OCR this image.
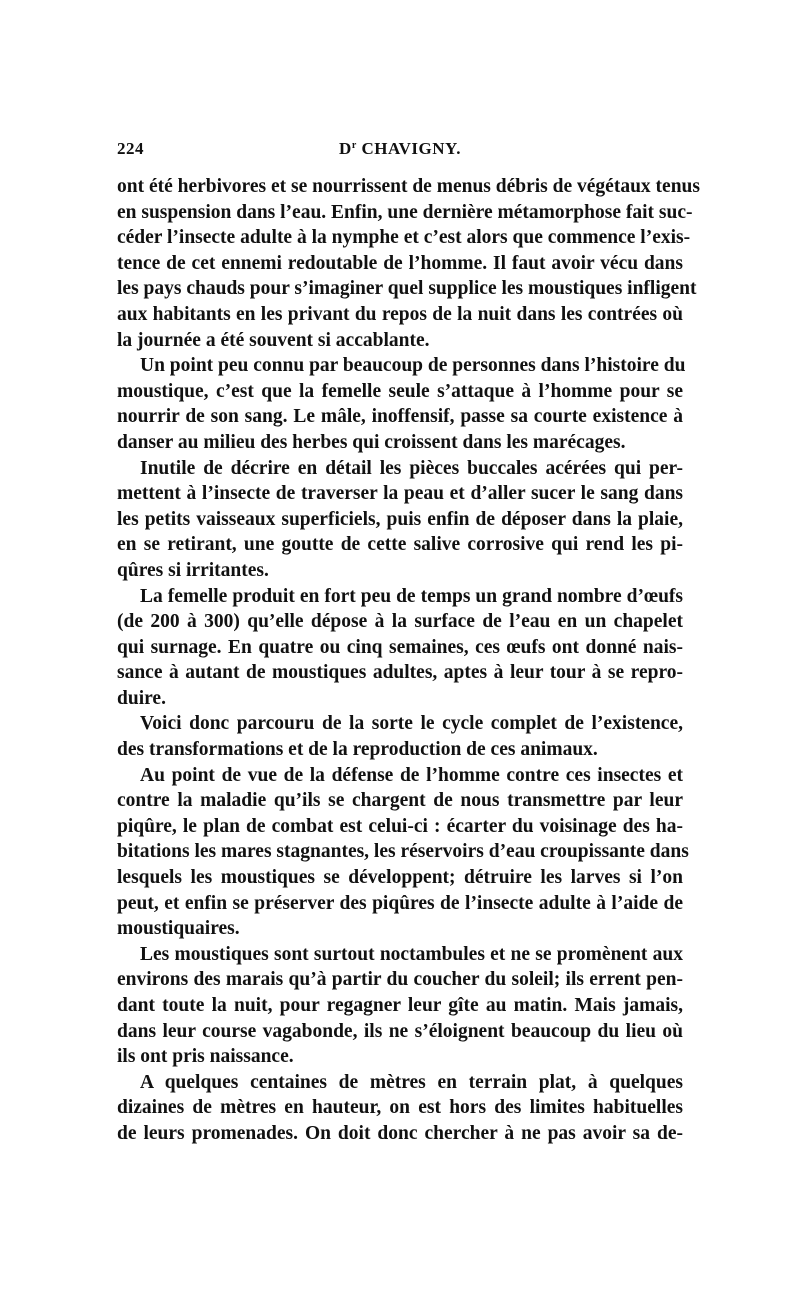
224	$D^r$ CHAVIGNY.
ont été herbivores et se nourrissent de menus débris de végétaux tenus
en suspension dans l’eau. Enfin, une dernière métamorphose fait suc-
céder l’insecte adulte à la nymphe et c’est alors que commence l’exis-
tence de cet ennemi redoutable de l’homme. Il faut avoir vécu dans
les pays chauds pour s’imaginer quel supplice les moustiques infligent
aux habitants en les privant du repos de la nuit dans les contrées où
la journée a été souvent si accablante.
Un point peu connu par beaucoup de personnes dans l’histoire du
moustique, c’est que la femelle seule s’attaque à l’homme pour se
nourrir de son sang. Le mâle, inoffensif, passe sa courte existence à
danser au milieu des herbes qui croissent dans les marécages.
Inutile de décrire en détail les pièces buccales acérées qui per-
mettent à l’insecte de traverser la peau et d’aller sucer le sang dans
les petits vaisseaux superficiels, puis enfin de déposer dans la plaie,
en se retirant, une goutte de cette salive corrosive qui rend les pi-
qûres si irritantes.
La femelle produit en fort peu de temps un grand nombre d’œufs
(de 200 à 300) qu’elle dépose à la surface de l’eau en un chapelet
qui surnage. En quatre ou cinq semaines, ces œufs ont donné nais-
sance à autant de moustiques adultes, aptes à leur tour à se repro-
duire.
Voici donc parcouru de la sorte le cycle complet de l’existence,
des transformations et de la reproduction de ces animaux.
Au point de vue de la défense de l’homme contre ces insectes et
contre la maladie qu’ils se chargent de nous transmettre par leur
piqûre, le plan de combat est celui-ci : écarter du voisinage des ha-
bitations les mares stagnantes, les réservoirs d’eau croupissante dans
lesquels les moustiques se développent; détruire les larves si l’on
peut, et enfin se préserver des piqûres de l’insecte adulte à l’aide de
moustiquaires.
Les moustiques sont surtout noctambules et ne se promènent aux
environs des marais qu’à partir du coucher du soleil; ils errent pen-
dant toute la nuit, pour regagner leur gîte au matin. Mais jamais,
dans leur course vagabonde, ils ne s’éloignent beaucoup du lieu où
ils ont pris naissance.
A quelques centaines de mètres en terrain plat, à quelques
dizaines de mètres en hauteur, on est hors des limites habituelles
de leurs promenades. On doit donc chercher à ne pas avoir sa de-
